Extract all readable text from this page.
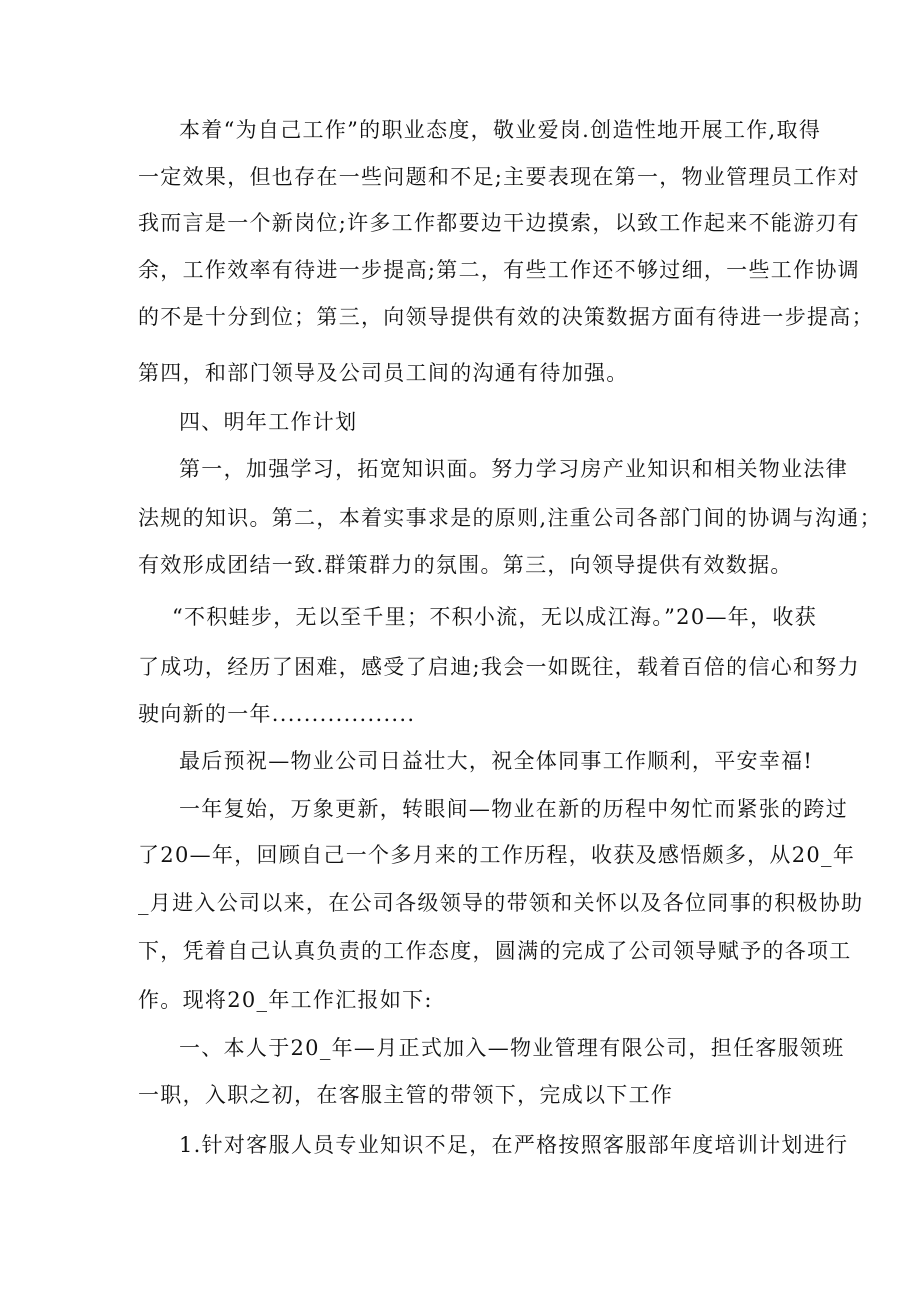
本着“为自己工作”的职业态度，敬业爱岗.创造性地开展工作,取得
一定效果，但也存在一些问题和不足;主要表现在第一，物业管理员工作对
我而言是一个新岗位;许多工作都要边干边摸索，以致工作起来不能游刃有
余，工作效率有待进一步提高;第二，有些工作还不够过细，一些工作协调
的不是十分到位；第三，向领导提供有效的决策数据方面有待进一步提高；
第四，和部门领导及公司员工间的沟通有待加强。
四、明年工作计划
第一，加强学习，拓宽知识面。努力学习房产业知识和相关物业法律
法规的知识。第二，本着实事求是的原则,注重公司各部门间的协调与沟通；
有效形成团结一致.群策群力的氛围。第三，向领导提供有效数据。
“不积蛙步，无以至千里；不积小流，无以成江海。”20—年，收获
了成功，经历了困难，感受了启迪;我会一如既往，载着百倍的信心和努力
驶向新的一年..................
最后预祝—物业公司日益壮大，祝全体同事工作顺利，平安幸福!
一年复始，万象更新，转眼间—物业在新的历程中匆忙而紧张的跨过
了20—年，回顾自己一个多月来的工作历程，收获及感悟颇多，从20_年
_月进入公司以来，在公司各级领导的带领和关怀以及各位同事的积极协助
下，凭着自己认真负责的工作态度，圆满的完成了公司领导赋予的各项工
作。现将20_年工作汇报如下:
一、本人于20_年—月正式加入—物业管理有限公司，担任客服领班
一职，入职之初，在客服主管的带领下，完成以下工作
1.针对客服人员专业知识不足，在严格按照客服部年度培训计划进行
